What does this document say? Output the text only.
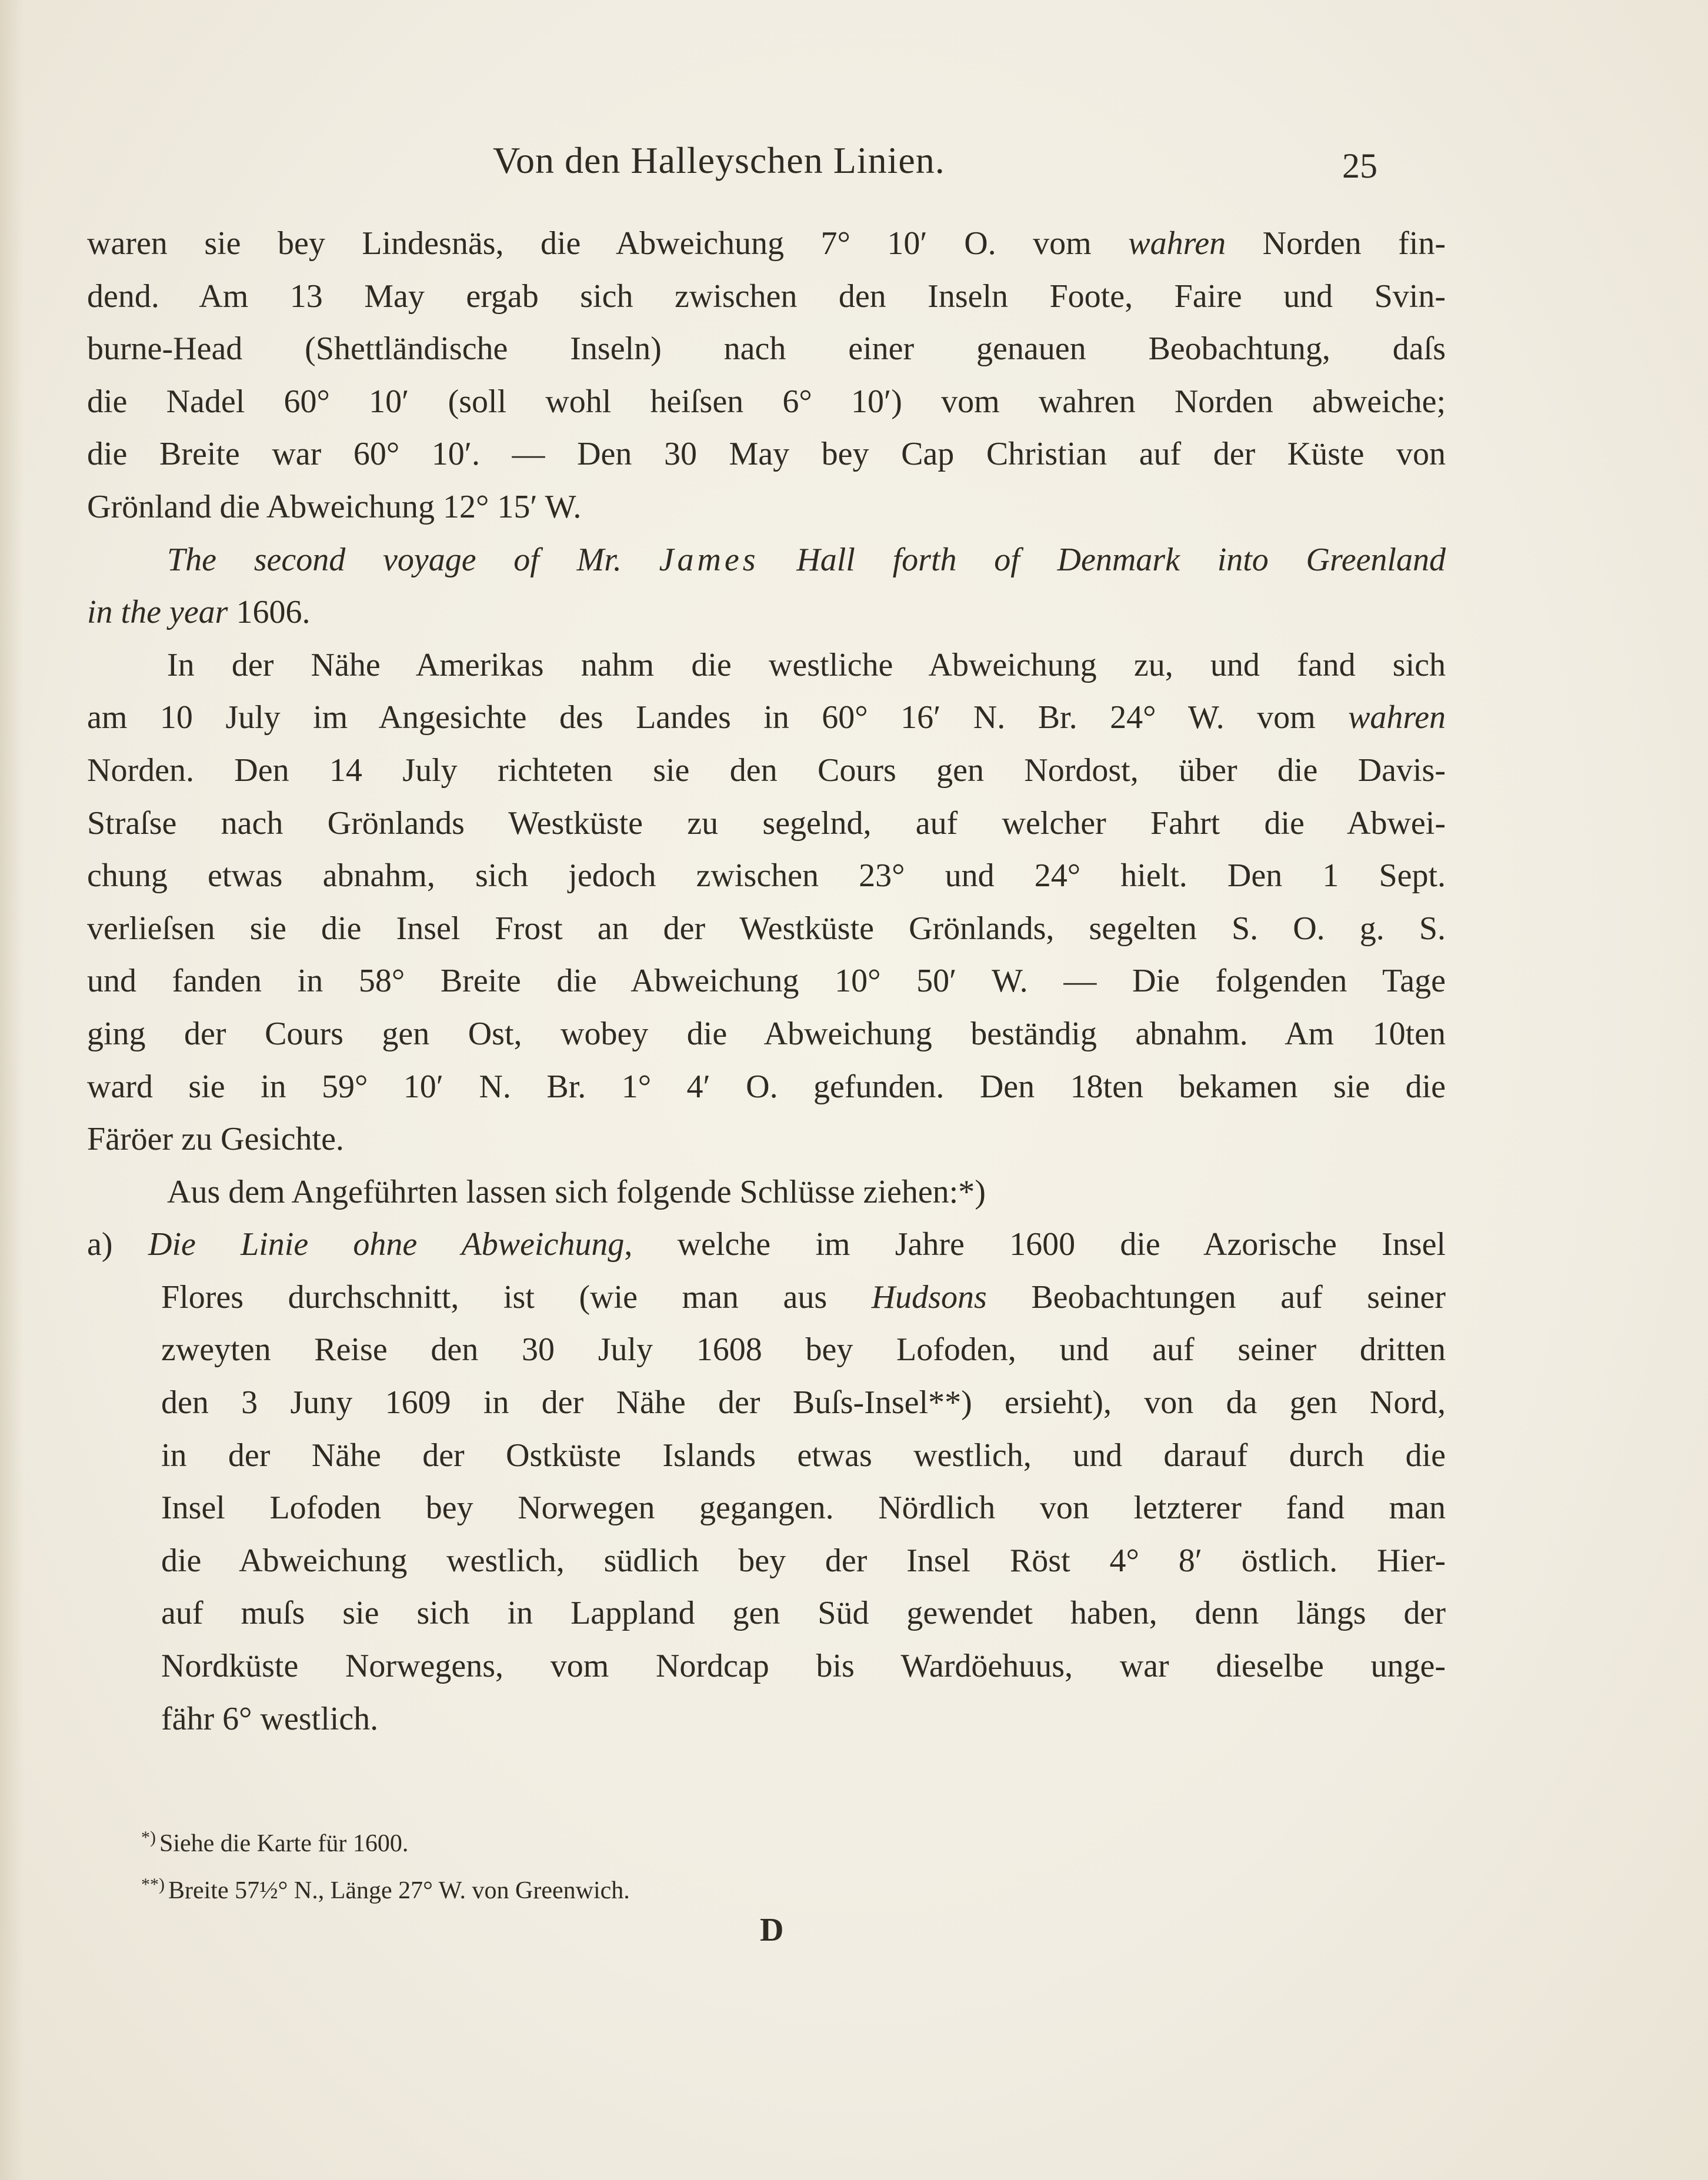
Von den Halleyschen Linien.	25
waren sie bey Lindesnäs, die Abweichung 7° 10′ O. vom wahren Norden fin-
dend. Am 13 May ergab sich zwischen den Inseln Foote, Faire und Svin-
burne-Head (Shettländische Inseln) nach einer genauen Beobachtung, daſs
die Nadel 60° 10′ (soll wohl heiſsen 6° 10′) vom wahren Norden abweiche;
die Breite war 60° 10′. — Den 30 May bey Cap Christian auf der Küste von
Grönland die Abweichung 12° 15′ W.
The second voyage of Mr. James Hall forth of Denmark into Greenland
in the year 1606.
In der Nähe Amerikas nahm die westliche Abweichung zu, und fand sich
am 10 July im Angesichte des Landes in 60° 16′ N. Br. 24° W. vom wahren
Norden. Den 14 July richteten sie den Cours gen Nordost, über die Davis-
Straſse nach Grönlands Westküste zu segelnd, auf welcher Fahrt die Abwei-
chung etwas abnahm, sich jedoch zwischen 23° und 24° hielt. Den 1 Sept.
verlieſsen sie die Insel Frost an der Westküste Grönlands, segelten S. O. g. S.
und fanden in 58° Breite die Abweichung 10° 50′ W. — Die folgenden Tage
ging der Cours gen Ost, wobey die Abweichung beständig abnahm. Am 10ten
ward sie in 59° 10′ N. Br. 1° 4′ O. gefunden. Den 18ten bekamen sie die
Färöer zu Gesichte.
Aus dem Angeführten lassen sich folgende Schlüsse ziehen:*)
a) Die Linie ohne Abweichung, welche im Jahre 1600 die Azorische Insel
Flores durchschnitt, ist (wie man aus Hudsons Beobachtungen auf seiner
zweyten Reise den 30 July 1608 bey Lofoden, und auf seiner dritten
den 3 Juny 1609 in der Nähe der Buſs-Insel**) ersieht), von da gen Nord,
in der Nähe der Ostküste Islands etwas westlich, und darauf durch die
Insel Lofoden bey Norwegen gegangen. Nördlich von letzterer fand man
die Abweichung westlich, südlich bey der Insel Röst 4° 8′ östlich. Hier-
auf muſs sie sich in Lappland gen Süd gewendet haben, denn längs der
Nordküste Norwegens, vom Nordcap bis Wardöehuus, war dieselbe unge-
fähr 6° westlich.
*) Siehe die Karte für 1600.
**) Breite 57½° N., Länge 27° W. von Greenwich.
D
